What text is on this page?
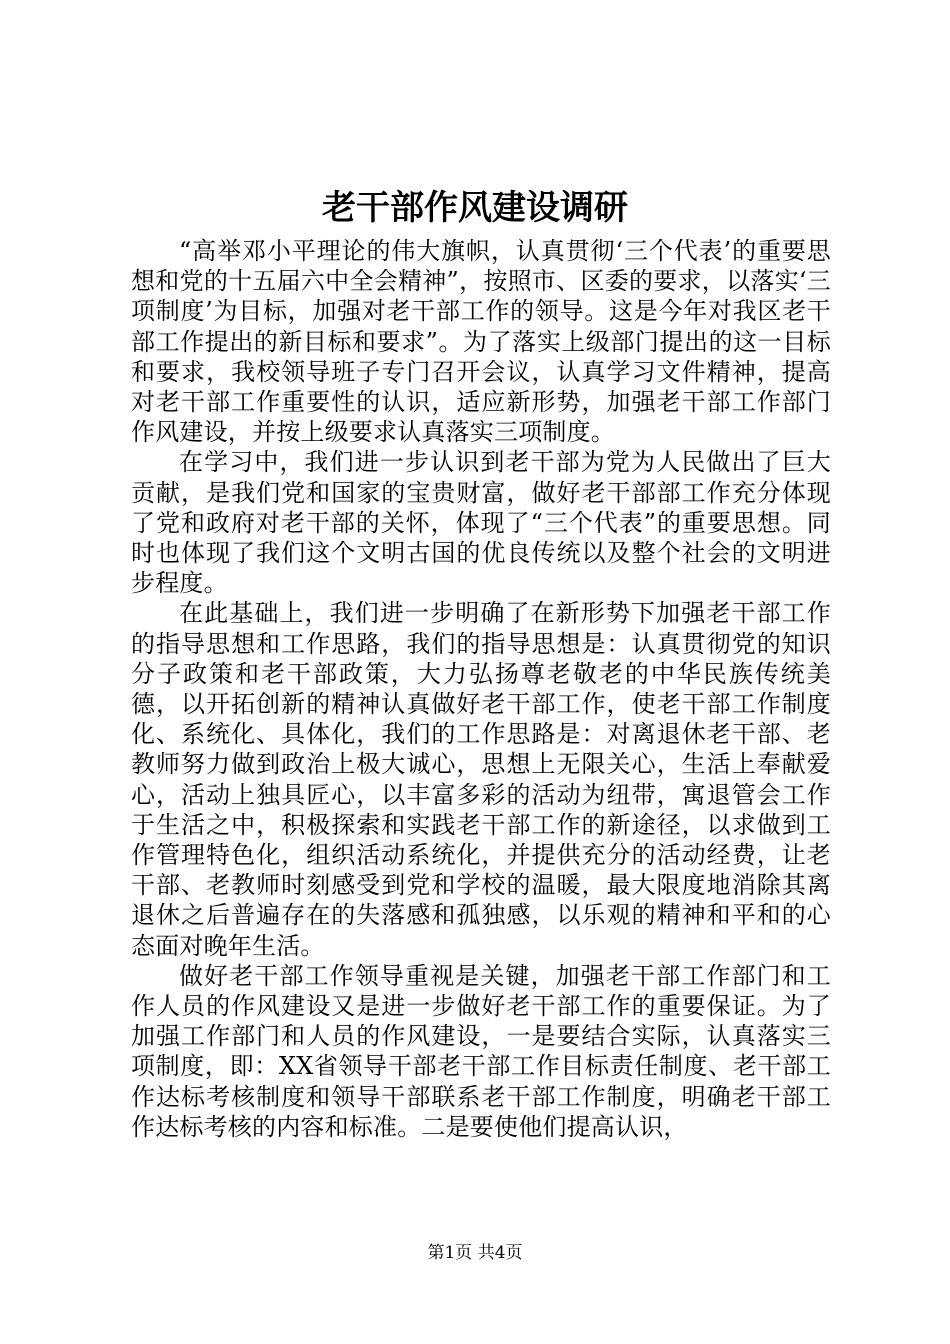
老干部作风建设调研

“高举邓小平理论的伟大旗帜，认真贯彻‘三个代表’的重要思想和党的十五届六中全会精神”，按照市、区委的要求，以落实‘三项制度’为目标，加强对老干部工作的领导。这是今年对我区老干部工作提出的新目标和要求”。为了落实上级部门提出的这一目标和要求，我校领导班子专门召开会议，认真学习文件精神，提高对老干部工作重要性的认识，适应新形势，加强老干部工作部门作风建设，并按上级要求认真落实三项制度。

在学习中，我们进一步认识到老干部为党为人民做出了巨大贡献，是我们党和国家的宝贵财富，做好老干部部工作充分体现了党和政府对老干部的关怀，体现了“三个代表”的重要思想。同时也体现了我们这个文明古国的优良传统以及整个社会的文明进步程度。

在此基础上，我们进一步明确了在新形势下加强老干部工作的指导思想和工作思路，我们的指导思想是：认真贯彻党的知识分子政策和老干部政策，大力弘扬尊老敬老的中华民族传统美德，以开拓创新的精神认真做好老干部工作，使老干部工作制度化、系统化、具体化，我们的工作思路是：对离退休老干部、老教师努力做到政治上极大诚心，思想上无限关心，生活上奉献爱心，活动上独具匠心，以丰富多彩的活动为纽带，寓退管会工作于生活之中，积极探索和实践老干部工作的新途径，以求做到工作管理特色化，组织活动系统化，并提供充分的活动经费，让老干部、老教师时刻感受到党和学校的温暖，最大限度地消除其离退休之后普遍存在的失落感和孤独感，以乐观的精神和平和的心态面对晚年生活。

做好老干部工作领导重视是关键，加强老干部工作部门和工作人员的作风建设又是进一步做好老干部工作的重要保证。为了加强工作部门和人员的作风建设，一是要结合实际，认真落实三项制度，即：XX省领导干部老干部工作目标责任制度、老干部工作达标考核制度和领导干部联系老干部工作制度，明确老干部工作达标考核的内容和标准。二是要使他们提高认识，

第1页 共4页
